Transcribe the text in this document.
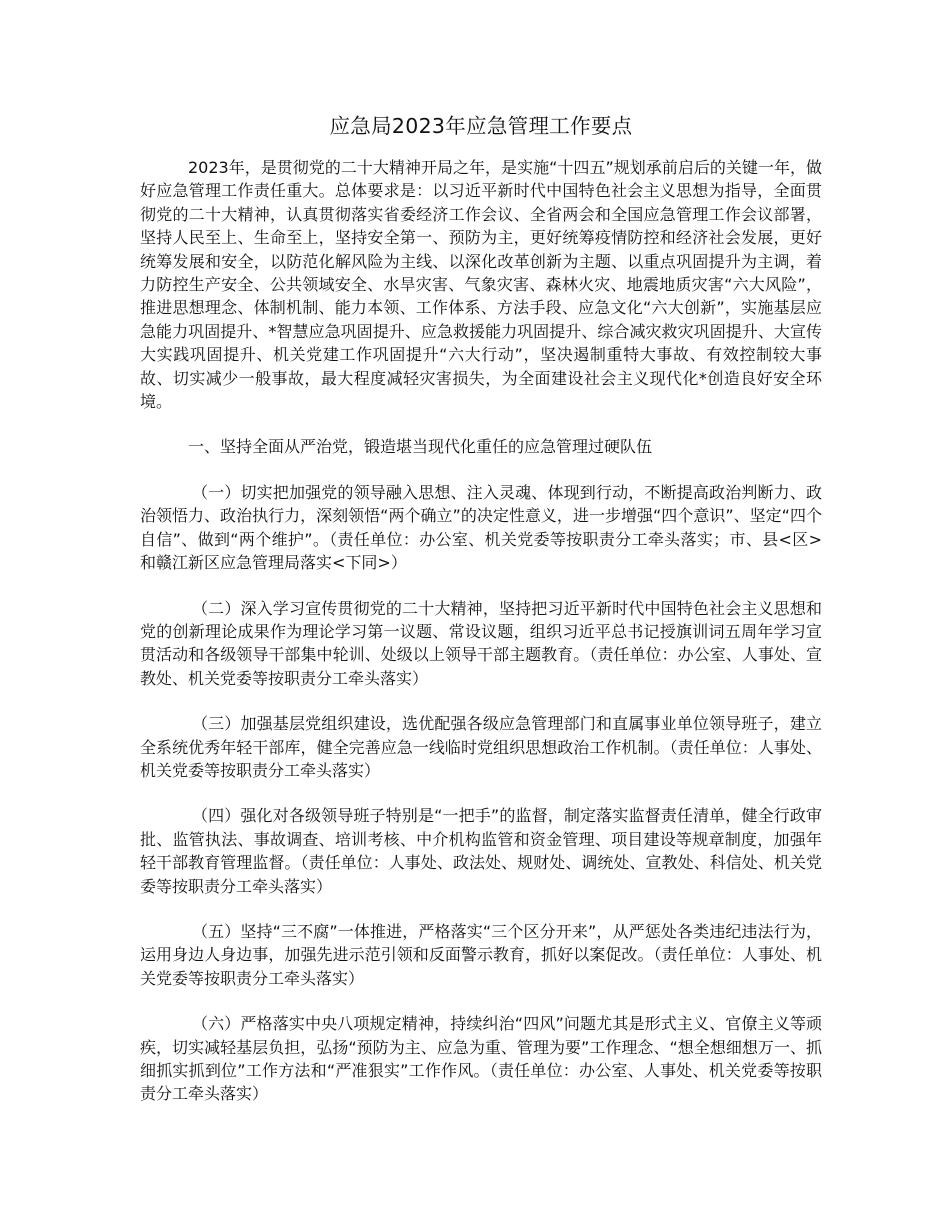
应急局2023年应急管理工作要点

2023年，是贯彻党的二十大精神开局之年，是实施“十四五”规划承前启后的关键一年，做好应急管理工作责任重大。总体要求是：以习近平新时代中国特色社会主义思想为指导，全面贯彻党的二十大精神，认真贯彻落实省委经济工作会议、全省两会和全国应急管理工作会议部署，坚持人民至上、生命至上，坚持安全第一、预防为主，更好统筹疫情防控和经济社会发展，更好统筹发展和安全，以防范化解风险为主线、以深化改革创新为主题、以重点巩固提升为主调，着力防控生产安全、公共领域安全、水旱灾害、气象灾害、森林火灾、地震地质灾害“六大风险”，推进思想理念、体制机制、能力本领、工作体系、方法手段、应急文化“六大创新”，实施基层应急能力巩固提升、*智慧应急巩固提升、应急救援能力巩固提升、综合减灾救灾巩固提升、大宣传大实践巩固提升、机关党建工作巩固提升“六大行动”，坚决遏制重特大事故、有效控制较大事故、切实减少一般事故，最大程度减轻灾害损失，为全面建设社会主义现代化*创造良好安全环境。

一、坚持全面从严治党，锻造堪当现代化重任的应急管理过硬队伍

（一）切实把加强党的领导融入思想、注入灵魂、体现到行动，不断提高政治判断力、政治领悟力、政治执行力，深刻领悟“两个确立”的决定性意义，进一步增强“四个意识”、坚定“四个自信”、做到“两个维护”。（责任单位：办公室、机关党委等按职责分工牵头落实；市、县<区>和赣江新区应急管理局落实<下同>）

（二）深入学习宣传贯彻党的二十大精神，坚持把习近平新时代中国特色社会主义思想和党的创新理论成果作为理论学习第一议题、常设议题，组织习近平总书记授旗训词五周年学习宣贯活动和各级领导干部集中轮训、处级以上领导干部主题教育。（责任单位：办公室、人事处、宣教处、机关党委等按职责分工牵头落实）

（三）加强基层党组织建设，选优配强各级应急管理部门和直属事业单位领导班子，建立全系统优秀年轻干部库，健全完善应急一线临时党组织思想政治工作机制。（责任单位：人事处、机关党委等按职责分工牵头落实）

（四）强化对各级领导班子特别是“一把手”的监督，制定落实监督责任清单，健全行政审批、监管执法、事故调查、培训考核、中介机构监管和资金管理、项目建设等规章制度，加强年轻干部教育管理监督。（责任单位：人事处、政法处、规财处、调统处、宣教处、科信处、机关党委等按职责分工牵头落实）

（五）坚持“三不腐”一体推进，严格落实“三个区分开来”，从严惩处各类违纪违法行为，运用身边人身边事，加强先进示范引领和反面警示教育，抓好以案促改。（责任单位：人事处、机关党委等按职责分工牵头落实）

（六）严格落实中央八项规定精神，持续纠治“四风”问题尤其是形式主义、官僚主义等顽疾，切实减轻基层负担，弘扬“预防为主、应急为重、管理为要”工作理念、“想全想细想万一、抓细抓实抓到位”工作方法和“严准狠实”工作作风。（责任单位：办公室、人事处、机关党委等按职责分工牵头落实）
